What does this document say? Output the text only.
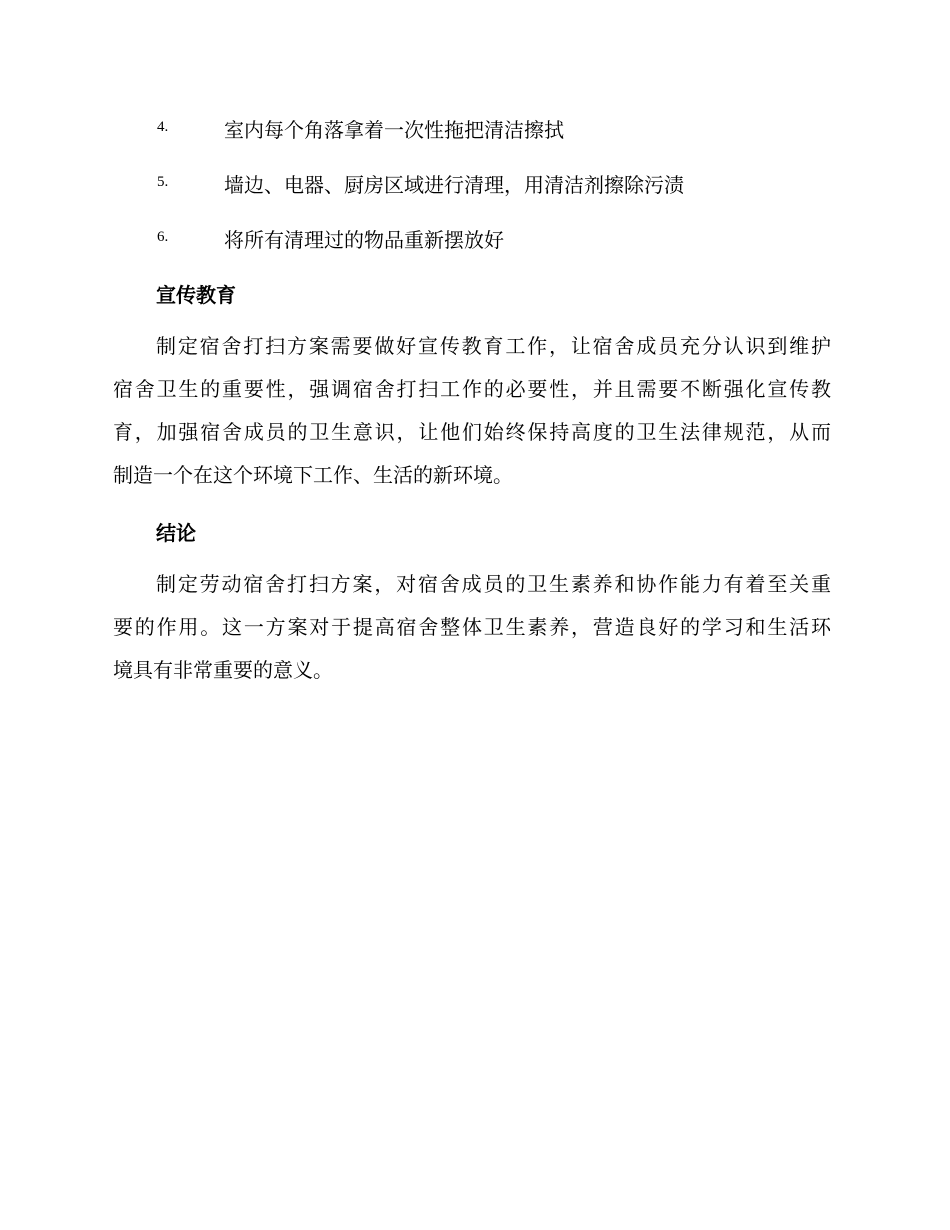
4.	室内每个角落拿着一次性拖把清洁擦拭
5.	墙边、电器、厨房区域进行清理，用清洁剂擦除污渍
6.	将所有清理过的物品重新摆放好
宣传教育
制定宿舍打扫方案需要做好宣传教育工作，让宿舍成员充分认识到维护
宿舍卫生的重要性，强调宿舍打扫工作的必要性，并且需要不断强化宣传教
育，加强宿舍成员的卫生意识，让他们始终保持高度的卫生法律规范，从而
制造一个在这个环境下工作、生活的新环境。
结论
制定劳动宿舍打扫方案，对宿舍成员的卫生素养和协作能力有着至关重
要的作用。这一方案对于提高宿舍整体卫生素养，营造良好的学习和生活环
境具有非常重要的意义。
